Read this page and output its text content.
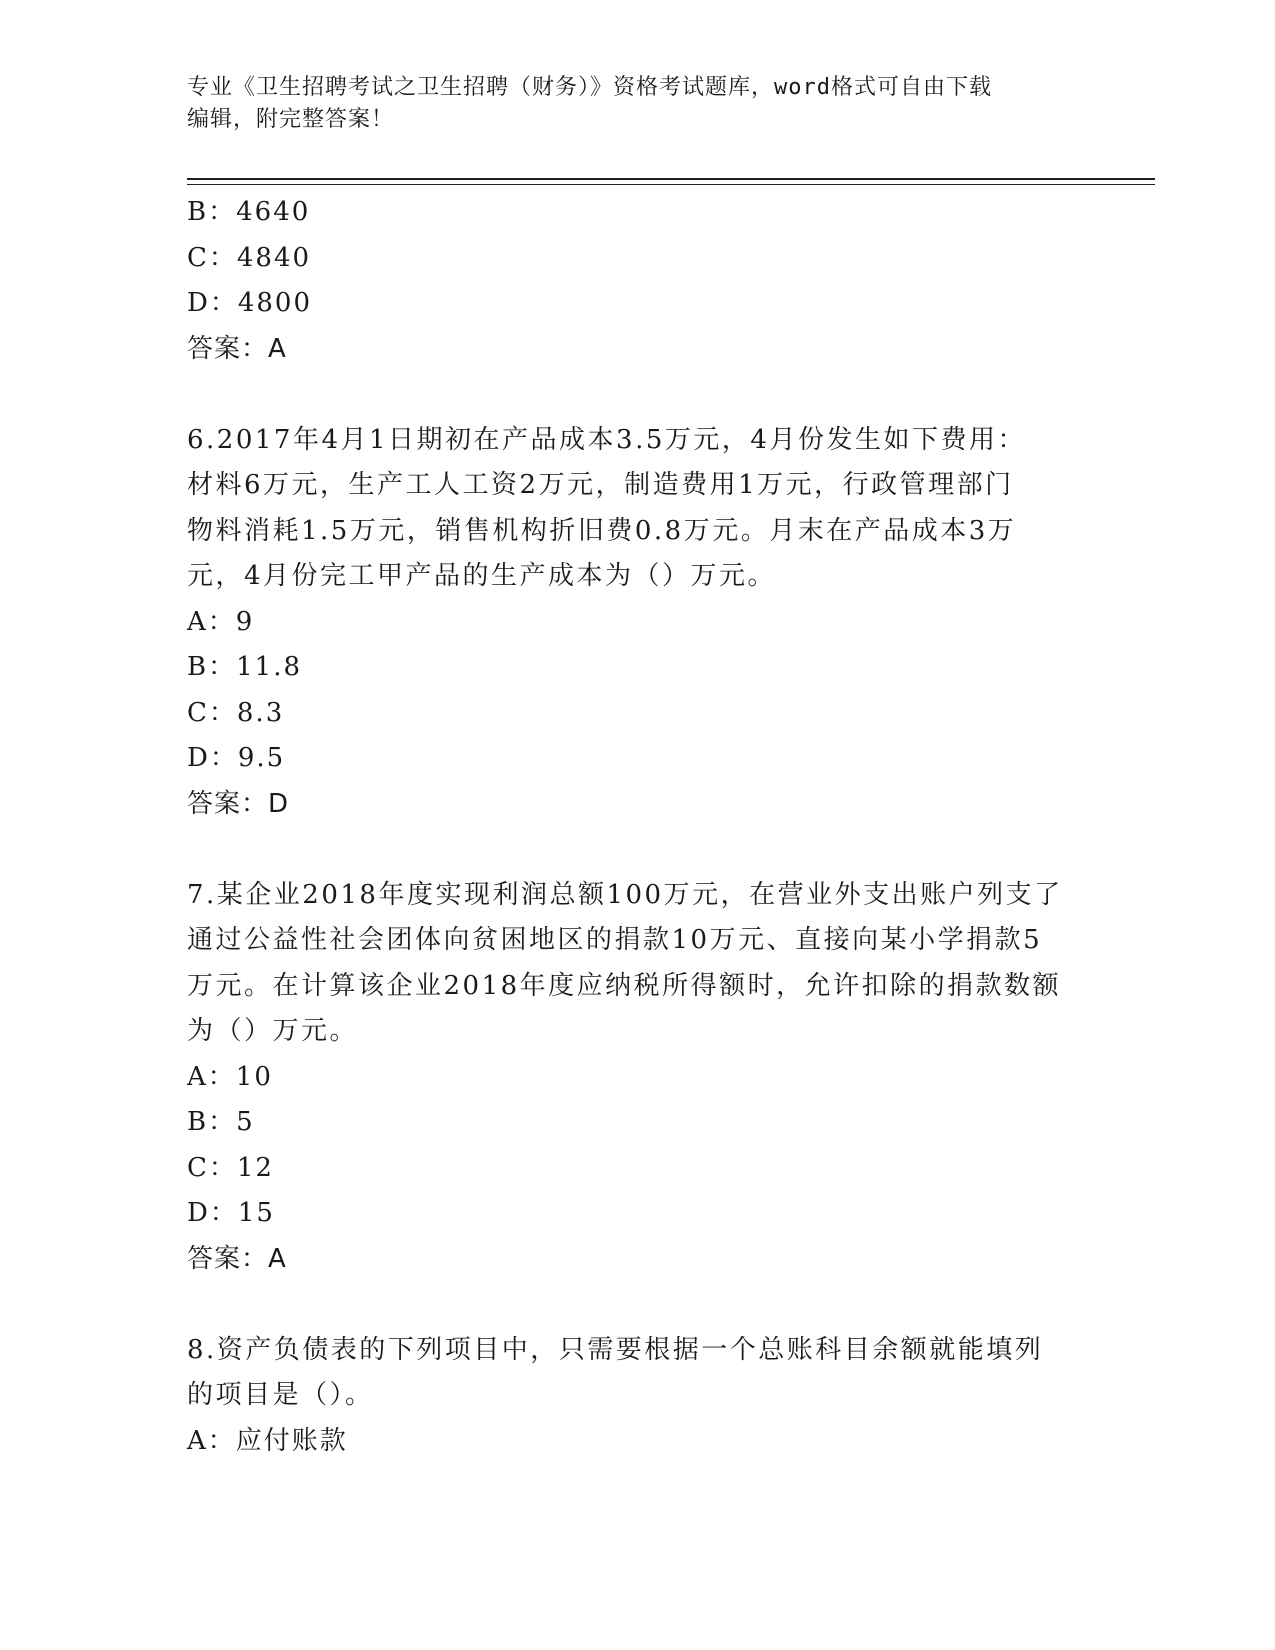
专业《卫生招聘考试之卫生招聘（财务）》资格考试题库，word格式可自由下载
编辑，附完整答案！
B：4640
C：4840
D：4800
答案：A
6.2017年4月1日期初在产品成本3.5万元，4月份发生如下费用：
材料6万元，生产工人工资2万元，制造费用1万元，行政管理部门
物料消耗1.5万元，销售机构折旧费0.8万元。月末在产品成本3万
元，4月份完工甲产品的生产成本为（）万元。
A：9
B：11.8
C：8.3
D：9.5
答案：D
7.某企业2018年度实现利润总额100万元，在营业外支出账户列支了
通过公益性社会团体向贫困地区的捐款10万元、直接向某小学捐款5
万元。在计算该企业2018年度应纳税所得额时，允许扣除的捐款数额
为（）万元。
A：10
B：5
C：12
D：15
答案：A
8.资产负债表的下列项目中，只需要根据一个总账科目余额就能填列
的项目是（）。
A：应付账款
